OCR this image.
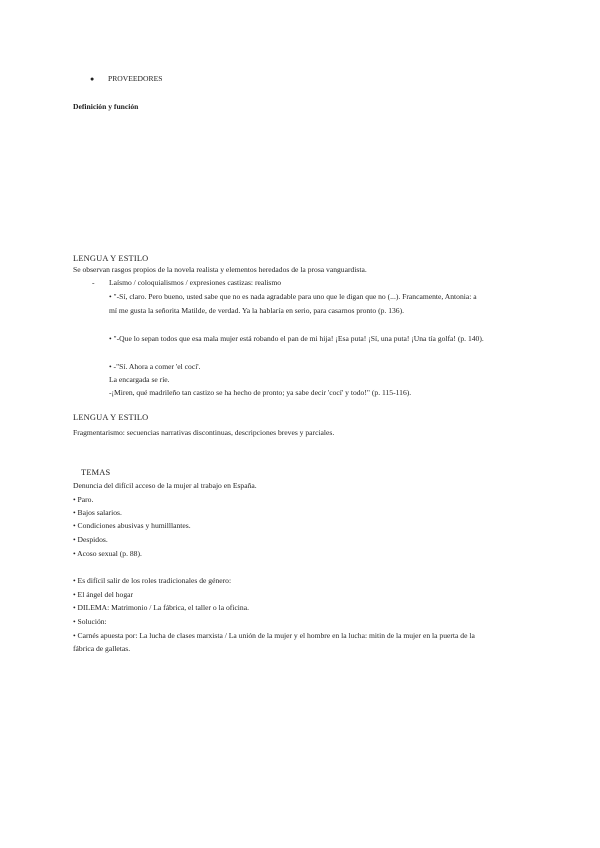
● PROVEEDORES
Definición y función
LENGUA Y ESTILO
Se observan rasgos propios de la novela realista y elementos heredados de la prosa vanguardista.
- Laísmo / coloquialismos / expresiones castizas: realismo
• "-Sí, claro. Pero bueno, usted sabe que no es nada agradable para uno que le digan que no (...). Francamente, Antonia: a
mí me gusta la señorita Matilde, de verdad. Ya la hablaría en serio, para casarnos pronto (p. 136).
• "-Que lo sepan todos que esa mala mujer está robando el pan de mi hija! ¡Esa puta! ¡Sí, una puta! ¡Una tía golfa! (p. 140).
• -"Sí. Ahora a comer 'el cocí'.
La encargada se ríe.
-¡Miren, qué madrileño tan castizo se ha hecho de pronto; ya sabe decir 'cocí' y todo!" (p. 115-116).
LENGUA Y ESTILO
Fragmentarismo: secuencias narrativas discontinuas, descripciones breves y parciales.
TEMAS
Denuncia del difícil acceso de la mujer al trabajo en España.
• Paro.
• Bajos salarios.
• Condiciones abusivas y humilllantes.
• Despidos.
• Acoso sexual (p. 88).
• Es difícil salir de los roles tradicionales de género:
• El ángel del hogar
• DILEMA: Matrimonio / La fábrica, el taller o la oficina.
• Solución:
• Carnés apuesta por: La lucha de clases marxista / La unión de la mujer y el hombre en la lucha: mitin de la mujer en la puerta de la
fábrica de galletas.
